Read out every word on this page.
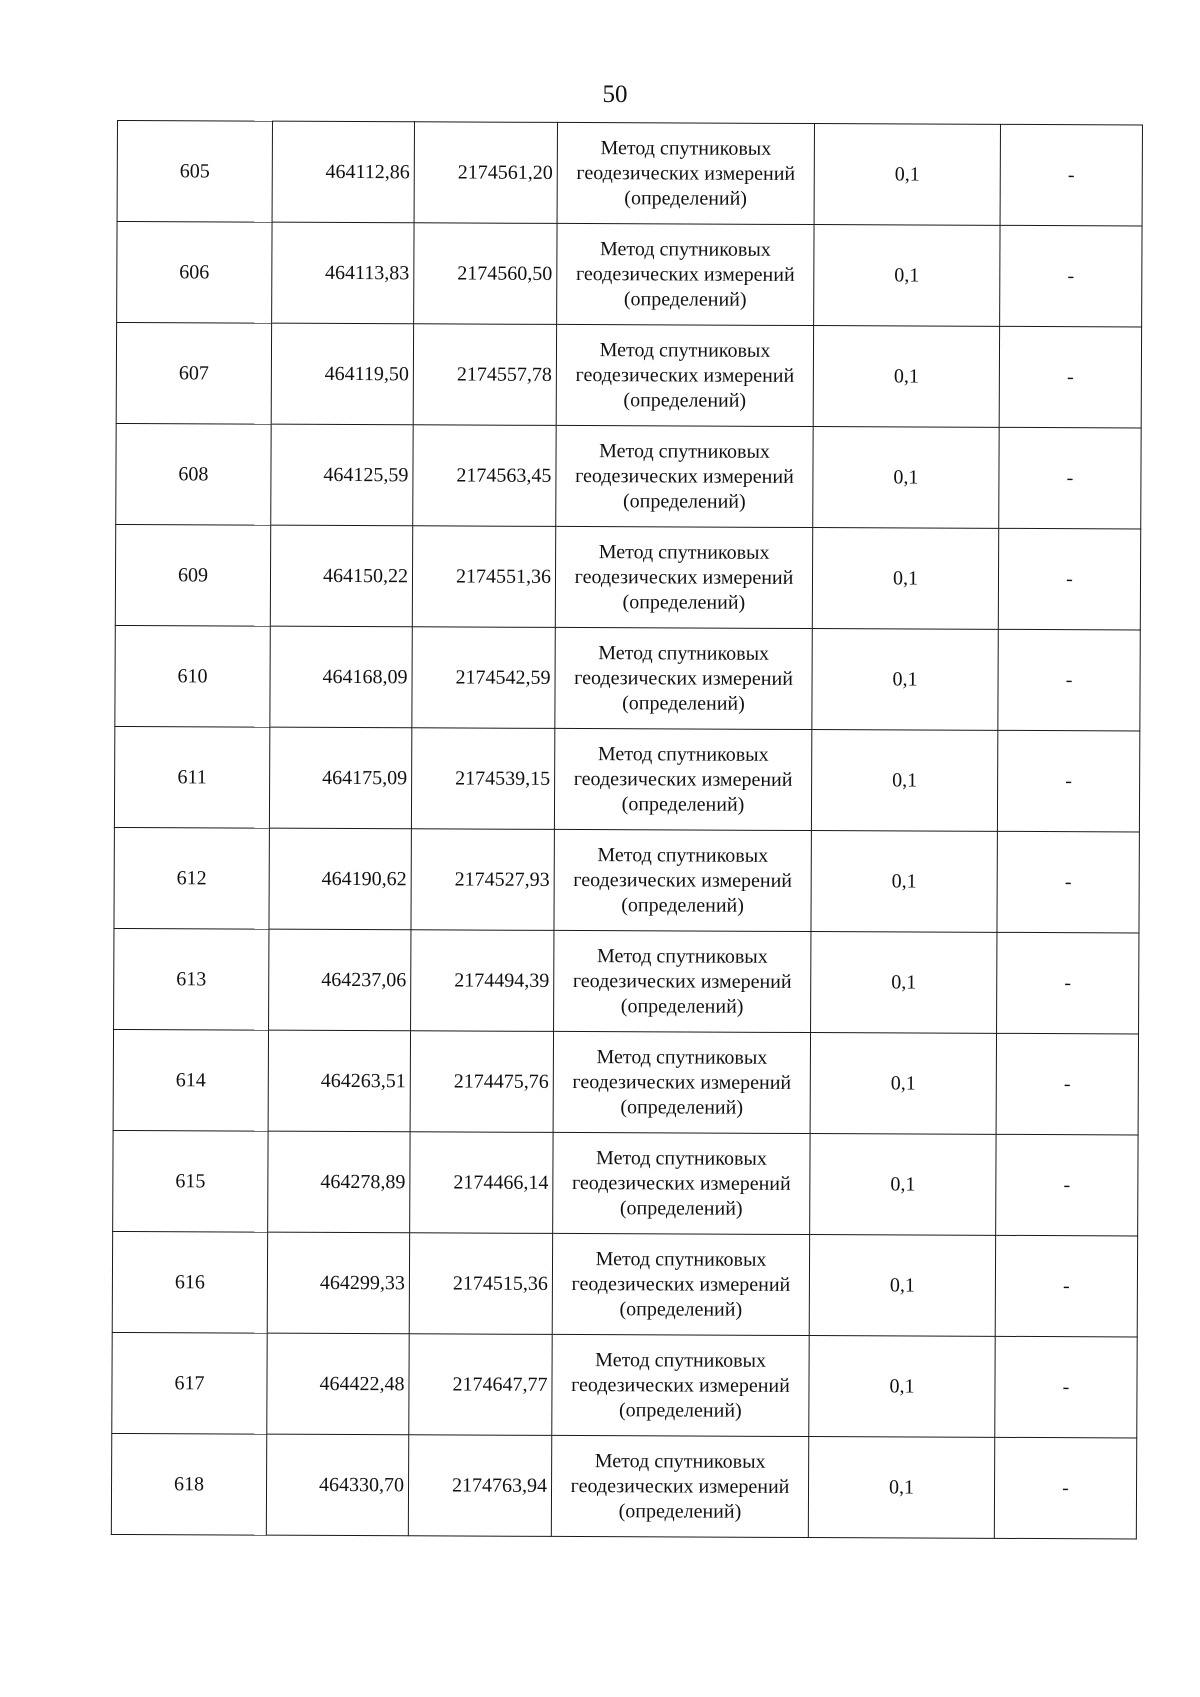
50
605	464112,86	2174561,20	Метод спутниковых
геодезических измерений
(определений)	0,1	-
606	464113,83	2174560,50	Метод спутниковых
геодезических измерений
(определений)	0,1	-
607	464119,50	2174557,78	Метод спутниковых
геодезических измерений
(определений)	0,1	-
608	464125,59	2174563,45	Метод спутниковых
геодезических измерений
(определений)	0,1	-
609	464150,22	2174551,36	Метод спутниковых
геодезических измерений
(определений)	0,1	-
610	464168,09	2174542,59	Метод спутниковых
геодезических измерений
(определений)	0,1	-
611	464175,09	2174539,15	Метод спутниковых
геодезических измерений
(определений)	0,1	-
612	464190,62	2174527,93	Метод спутниковых
геодезических измерений
(определений)	0,1	-
613	464237,06	2174494,39	Метод спутниковых
геодезических измерений
(определений)	0,1	-
614	464263,51	2174475,76	Метод спутниковых
геодезических измерений
(определений)	0,1	-
615	464278,89	2174466,14	Метод спутниковых
геодезических измерений
(определений)	0,1	-
616	464299,33	2174515,36	Метод спутниковых
геодезических измерений
(определений)	0,1	-
617	464422,48	2174647,77	Метод спутниковых
геодезических измерений
(определений)	0,1	-
618	464330,70	2174763,94	Метод спутниковых
геодезических измерений
(определений)	0,1	-
